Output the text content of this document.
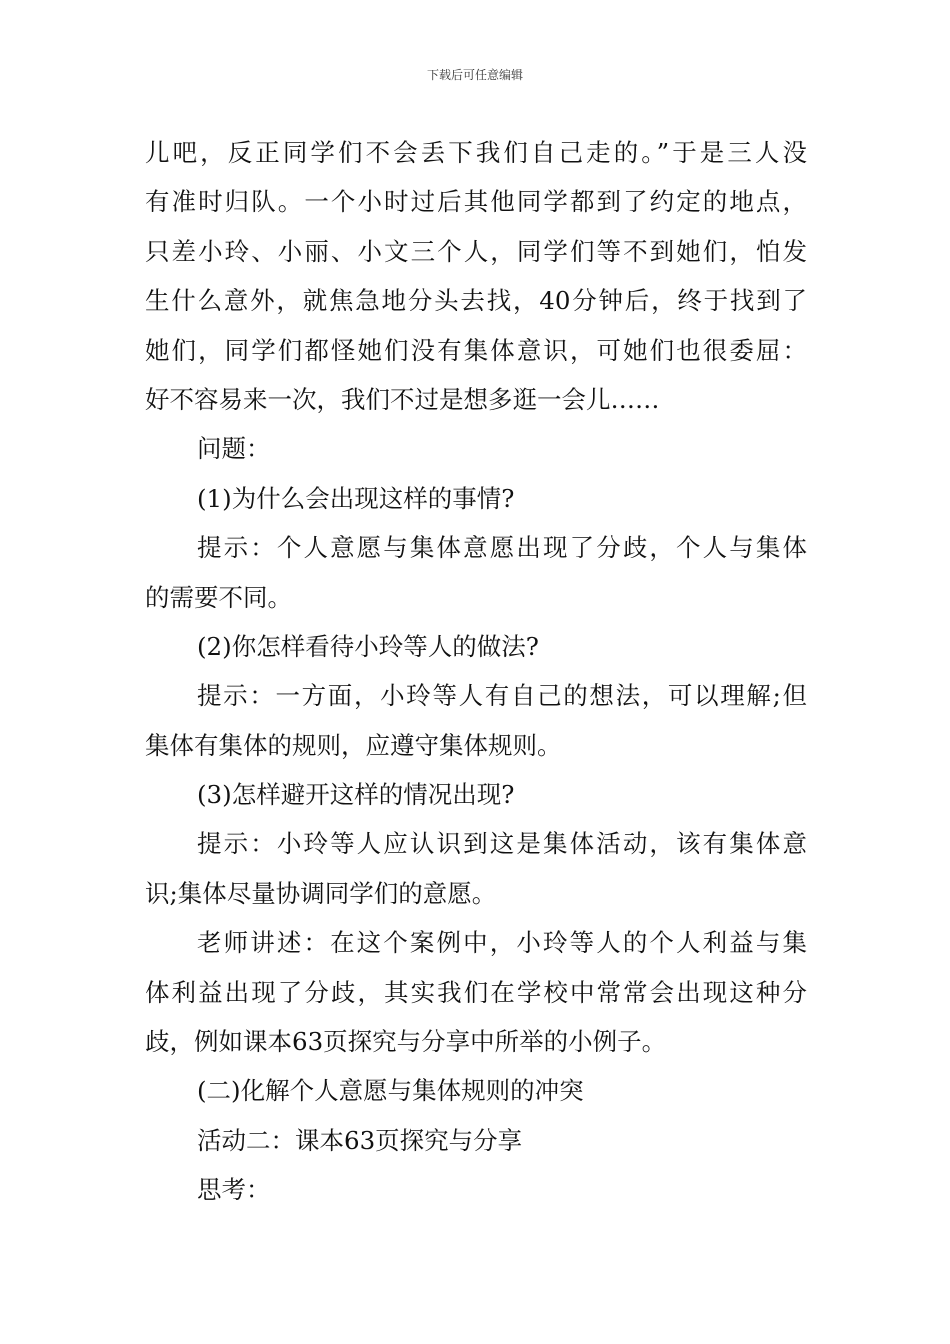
下载后可任意编辑
儿吧，反正同学们不会丢下我们自己走的。”于是三人没
有准时归队。一个小时过后其他同学都到了约定的地点，
只差小玲、小丽、小文三个人，同学们等不到她们，怕发
生什么意外，就焦急地分头去找，40分钟后，终于找到了
她们，同学们都怪她们没有集体意识，可她们也很委屈：
好不容易来一次，我们不过是想多逛一会儿……
问题：
(1)为什么会出现这样的事情?
提示：个人意愿与集体意愿出现了分歧，个人与集体
的需要不同。
(2)你怎样看待小玲等人的做法?
提示：一方面，小玲等人有自己的想法，可以理解;但
集体有集体的规则，应遵守集体规则。
(3)怎样避开这样的情况出现?
提示：小玲等人应认识到这是集体活动，该有集体意
识;集体尽量协调同学们的意愿。
老师讲述：在这个案例中，小玲等人的个人利益与集
体利益出现了分歧，其实我们在学校中常常会出现这种分
歧，例如课本63页探究与分享中所举的小例子。
(二)化解个人意愿与集体规则的冲突
活动二：课本63页探究与分享
思考：
